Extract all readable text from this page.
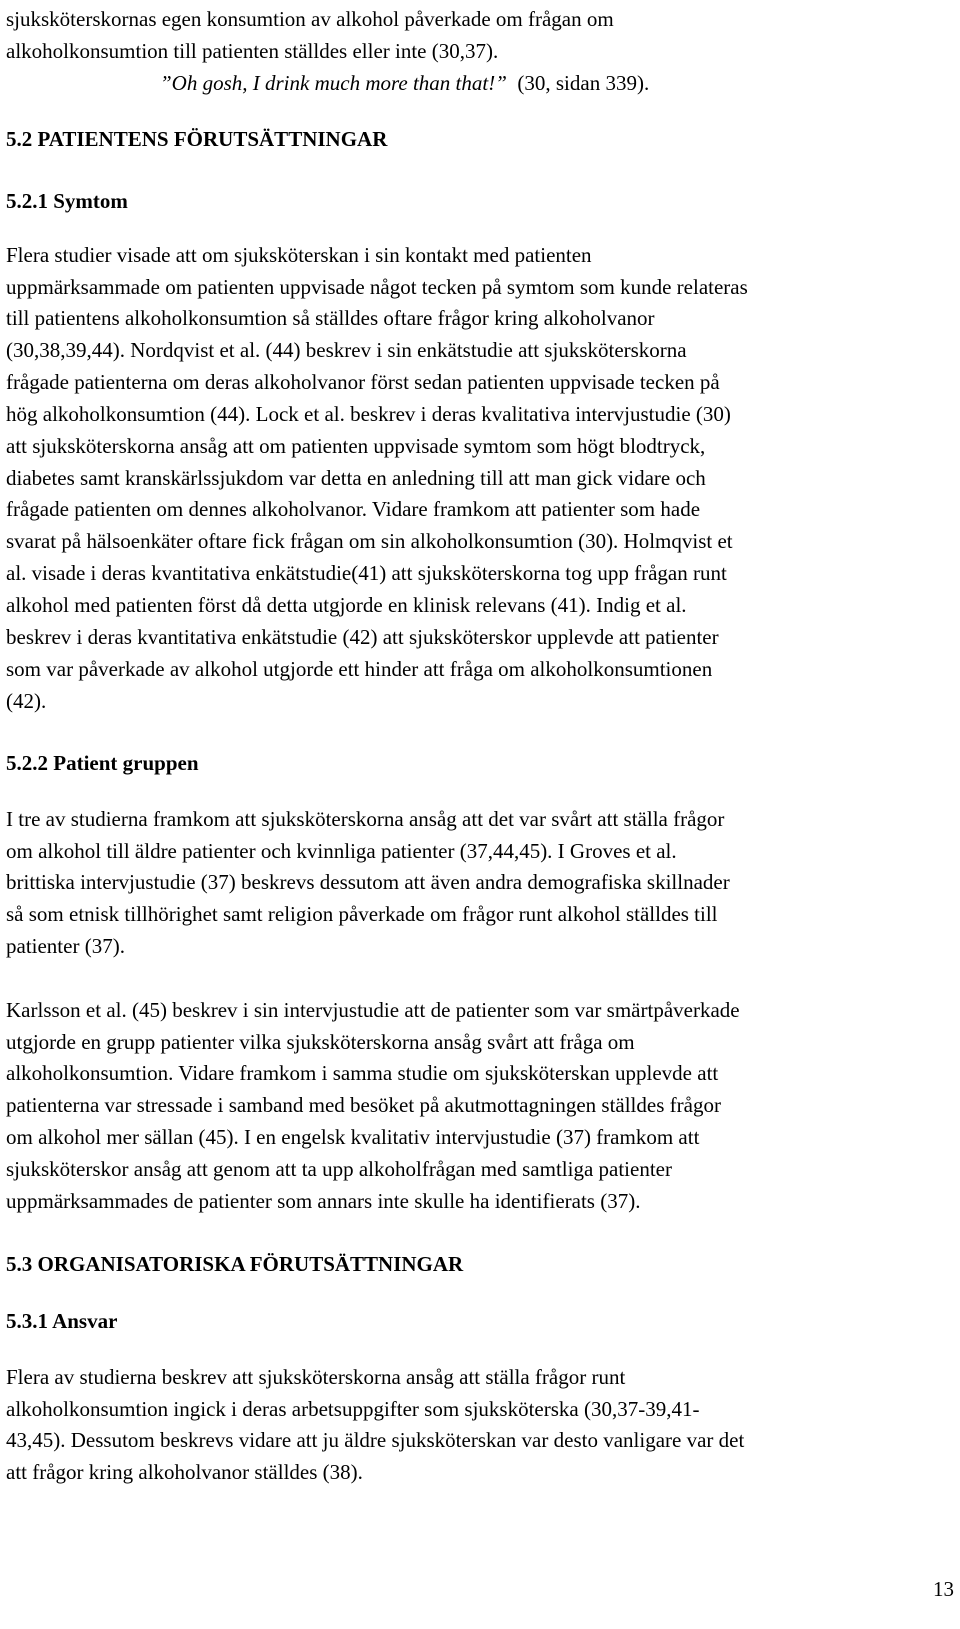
sjuksköterskornas egen konsumtion av alkohol påverkade om frågan om
alkoholkonsumtion till patienten ställdes eller inte (30,37).
”Oh gosh, I drink much more than that!” (30, sidan 339).
5.2 PATIENTENS FÖRUTSÄTTNINGAR
5.2.1 Symtom
Flera studier visade att om sjuksköterskan i sin kontakt med patienten
uppmärksammade om patienten uppvisade något tecken på symtom som kunde relateras
till patientens alkoholkonsumtion så ställdes oftare frågor kring alkoholvanor
(30,38,39,44). Nordqvist et al. (44) beskrev i sin enkätstudie att sjuksköterskorna
frågade patienterna om deras alkoholvanor först sedan patienten uppvisade tecken på
hög alkoholkonsumtion (44). Lock et al. beskrev i deras kvalitativa intervjustudie (30)
att sjuksköterskorna ansåg att om patienten uppvisade symtom som högt blodtryck,
diabetes samt kranskärlssjukdom var detta en anledning till att man gick vidare och
frågade patienten om dennes alkoholvanor. Vidare framkom att patienter som hade
svarat på hälsoenkäter oftare fick frågan om sin alkoholkonsumtion (30). Holmqvist et
al. visade i deras kvantitativa enkätstudie(41) att sjuksköterskorna tog upp frågan runt
alkohol med patienten först då detta utgjorde en klinisk relevans (41). Indig et al.
beskrev i deras kvantitativa enkätstudie (42) att sjuksköterskor upplevde att patienter
som var påverkade av alkohol utgjorde ett hinder att fråga om alkoholkonsumtionen
(42).
5.2.2 Patient gruppen
I tre av studierna framkom att sjuksköterskorna ansåg att det var svårt att ställa frågor
om alkohol till äldre patienter och kvinnliga patienter (37,44,45). I Groves et al.
brittiska intervjustudie (37) beskrevs dessutom att även andra demografiska skillnader
så som etnisk tillhörighet samt religion påverkade om frågor runt alkohol ställdes till
patienter (37).
Karlsson et al. (45) beskrev i sin intervjustudie att de patienter som var smärtpåverkade
utgjorde en grupp patienter vilka sjuksköterskorna ansåg svårt att fråga om
alkoholkonsumtion. Vidare framkom i samma studie om sjuksköterskan upplevde att
patienterna var stressade i samband med besöket på akutmottagningen ställdes frågor
om alkohol mer sällan (45). I en engelsk kvalitativ intervjustudie (37) framkom att
sjuksköterskor ansåg att genom att ta upp alkoholfrågan med samtliga patienter
uppmärksammades de patienter som annars inte skulle ha identifierats (37).
5.3 ORGANISATORISKA FÖRUTSÄTTNINGAR
5.3.1 Ansvar
Flera av studierna beskrev att sjuksköterskorna ansåg att ställa frågor runt
alkoholkonsumtion ingick i deras arbetsuppgifter som sjuksköterska (30,37-39,41-
43,45). Dessutom beskrevs vidare att ju äldre sjuksköterskan var desto vanligare var det
att frågor kring alkoholvanor ställdes (38).
13
